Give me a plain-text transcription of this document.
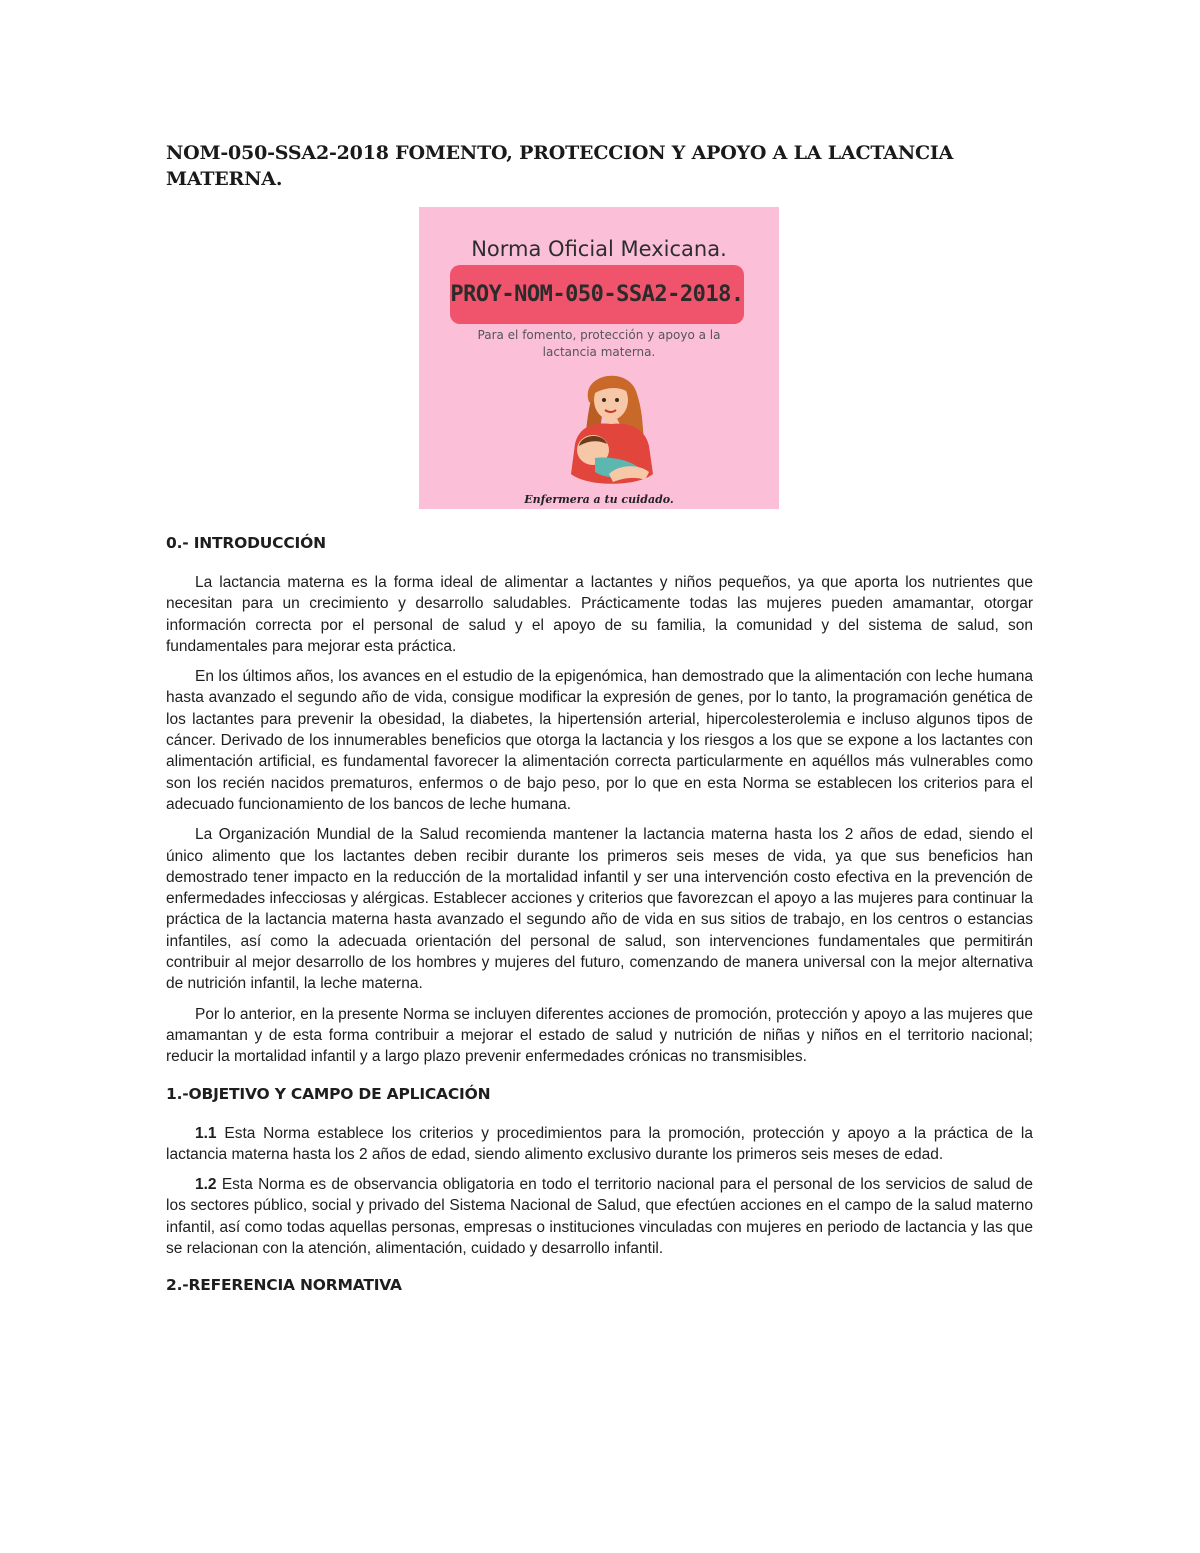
NOM-050-SSA2-2018 FOMENTO, PROTECCION Y APOYO A LA LACTANCIA MATERNA.
Norma Oficial Mexicana.
PROY-NOM-050-SSA2-2018.
Para el fomento, protección y apoyo a la lactancia materna.
Enfermera a tu cuidado.
0.- INTRODUCCIÓN

La lactancia materna es la forma ideal de alimentar a lactantes y niños pequeños, ya que aporta los nutrientes que necesitan para un crecimiento y desarrollo saludables. Prácticamente todas las mujeres pueden amamantar, otorgar información correcta por el personal de salud y el apoyo de su familia, la comunidad y del sistema de salud, son fundamentales para mejorar esta práctica.

En los últimos años, los avances en el estudio de la epigenómica, han demostrado que la alimentación con leche humana hasta avanzado el segundo año de vida, consigue modificar la expresión de genes, por lo tanto, la programación genética de los lactantes para prevenir la obesidad, la diabetes, la hipertensión arterial, hipercolesterolemia e incluso algunos tipos de cáncer. Derivado de los innumerables beneficios que otorga la lactancia y los riesgos a los que se expone a los lactantes con alimentación artificial, es fundamental favorecer la alimentación correcta particularmente en aquéllos más vulnerables como son los recién nacidos prematuros, enfermos o de bajo peso, por lo que en esta Norma se establecen los criterios para el adecuado funcionamiento de los bancos de leche humana.

La Organización Mundial de la Salud recomienda mantener la lactancia materna hasta los 2 años de edad, siendo el único alimento que los lactantes deben recibir durante los primeros seis meses de vida, ya que sus beneficios han demostrado tener impacto en la reducción de la mortalidad infantil y ser una intervención costo efectiva en la prevención de enfermedades infecciosas y alérgicas. Establecer acciones y criterios que favorezcan el apoyo a las mujeres para continuar la práctica de la lactancia materna hasta avanzado el segundo año de vida en sus sitios de trabajo, en los centros o estancias infantiles, así como la adecuada orientación del personal de salud, son intervenciones fundamentales que permitirán contribuir al mejor desarrollo de los hombres y mujeres del futuro, comenzando de manera universal con la mejor alternativa de nutrición infantil, la leche materna.

Por lo anterior, en la presente Norma se incluyen diferentes acciones de promoción, protección y apoyo a las mujeres que amamantan y de esta forma contribuir a mejorar el estado de salud y nutrición de niñas y niños en el territorio nacional; reducir la mortalidad infantil y a largo plazo prevenir enfermedades crónicas no transmisibles.

1.-OBJETIVO Y CAMPO DE APLICACIÓN

1.1 Esta Norma establece los criterios y procedimientos para la promoción, protección y apoyo a la práctica de la lactancia materna hasta los 2 años de edad, siendo alimento exclusivo durante los primeros seis meses de edad.

1.2 Esta Norma es de observancia obligatoria en todo el territorio nacional para el personal de los servicios de salud de los sectores público, social y privado del Sistema Nacional de Salud, que efectúen acciones en el campo de la salud materno infantil, así como todas aquellas personas, empresas o instituciones vinculadas con mujeres en periodo de lactancia y las que se relacionan con la atención, alimentación, cuidado y desarrollo infantil.

2.-REFERENCIA NORMATIVA
